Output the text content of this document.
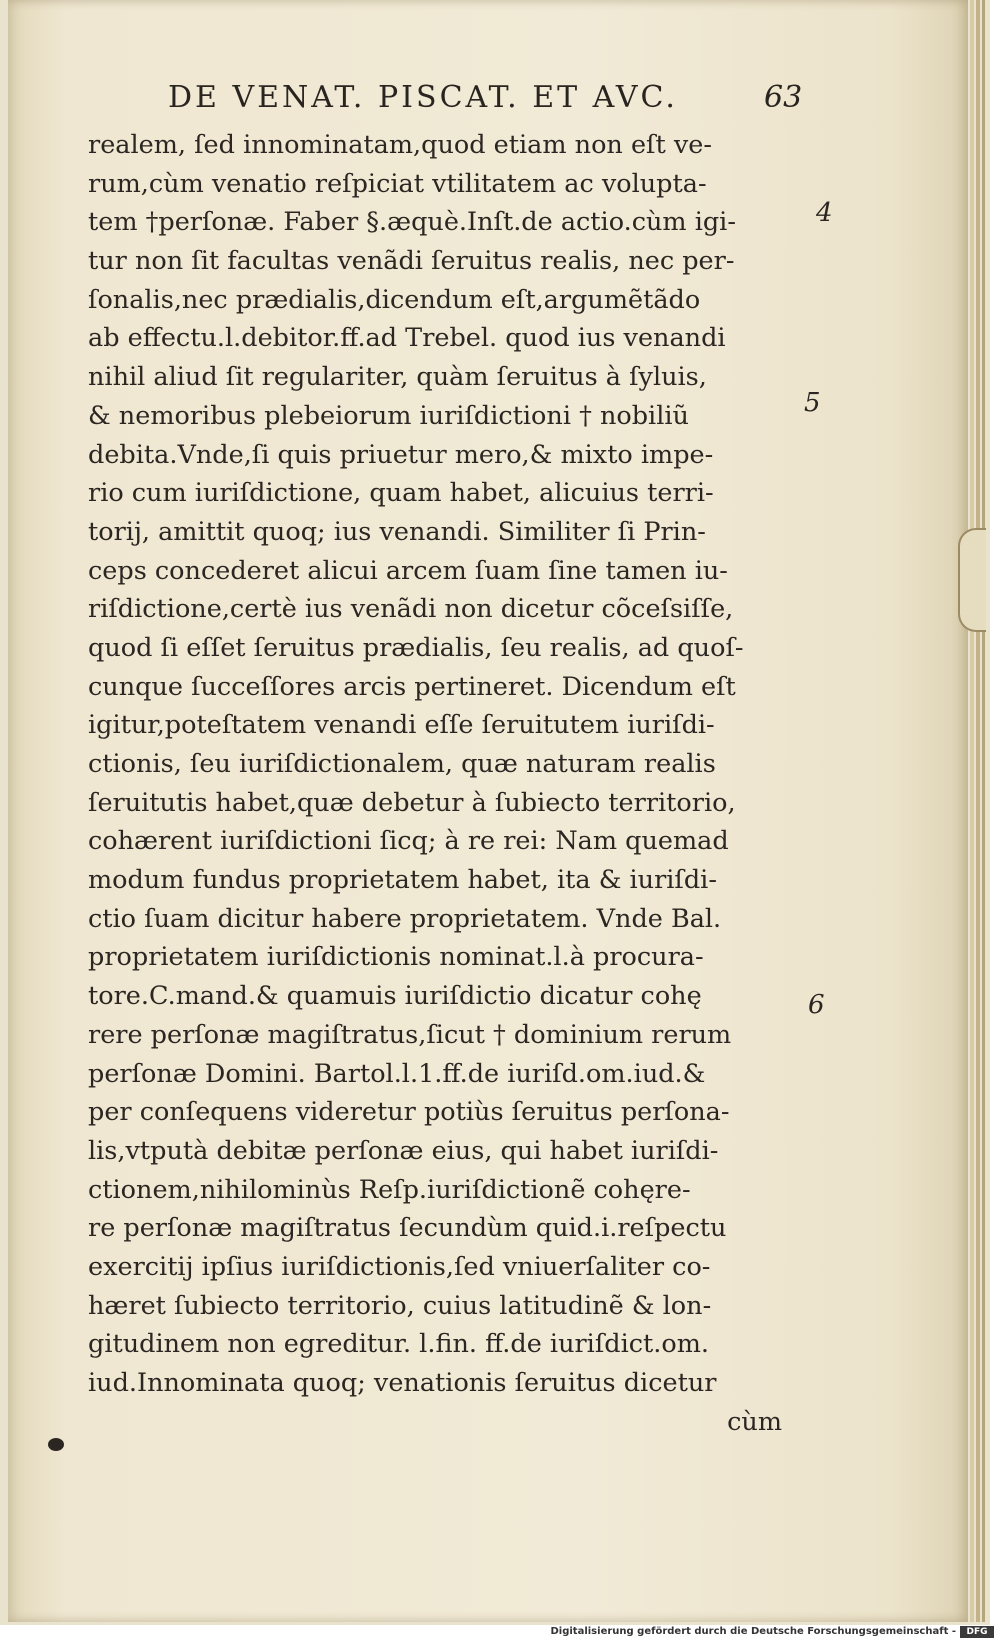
DE VENAT. PISCAT. ET AVC.	63
realem, ſed innominatam,quod etiam non eſt ve-
rum,cùm venatio reſpiciat vtilitatem ac volupta-
tem †perſonæ. Faber §.æquè.Inſt.de actio.cùm igi-
tur non ſit facultas venãdi ſeruitus realis, nec per-
ſonalis,nec prædialis,dicendum eſt,argumẽtãdo
ab effectu.l.debitor.ff.ad Trebel. quod ius venandi
nihil aliud ſit regulariter, quàm ſeruitus à ſyluis,
& nemoribus plebeiorum iuriſdictioni † nobiliũ
debita.Vnde,ſi quis priuetur mero,& mixto impe-
rio cum iuriſdictione, quam habet, alicuius terri-
torij, amittit quoq; ius venandi. Similiter ſi Prin-
ceps concederet alicui arcem ſuam ſine tamen iu-
riſdictione,certè ius venãdi non dicetur cõceſsiſſe,
quod ſi eſſet ſeruitus prædialis, ſeu realis, ad quoſ-
cunque ſucceſſores arcis pertineret. Dicendum eſt
igitur,poteſtatem venandi eſſe ſeruitutem iuriſdi-
ctionis, ſeu iuriſdictionalem, quæ naturam realis
ſeruitutis habet,quæ debetur à ſubiecto territorio,
cohærent iuriſdictioni ſicq; à re rei: Nam quemad
modum fundus proprietatem habet, ita & iuriſdi-
ctio ſuam dicitur habere proprietatem. Vnde Bal.
proprietatem iuriſdictionis nominat.l.à procura-
tore.C.mand.& quamuis iuriſdictio dicatur cohę
rere perſonæ magiſtratus,ſicut † dominium rerum
perſonæ Domini. Bartol.l.1.ff.de iuriſd.om.iud.&
per conſequens videretur potiùs ſeruitus perſona-
lis,vtputà debitæ perſonæ eius, qui habet iuriſdi-
ctionem,nihilominùs Reſp.iuriſdictionẽ cohęre-
re perſonæ magiſtratus ſecundùm quid.i.reſpectu
exercitij ipſius iuriſdictionis,ſed vniuerſaliter co-
hæret ſubiecto territorio, cuius latitudinẽ & lon-
gitudinem non egreditur. l.fin. ff.de iuriſdict.om.
iud.Innominata quoq; venationis ſeruitus dicetur
cùm
4
5
6
Digitalisierung gefördert durch die Deutsche Forschungsgemeinschaft -	DFG
